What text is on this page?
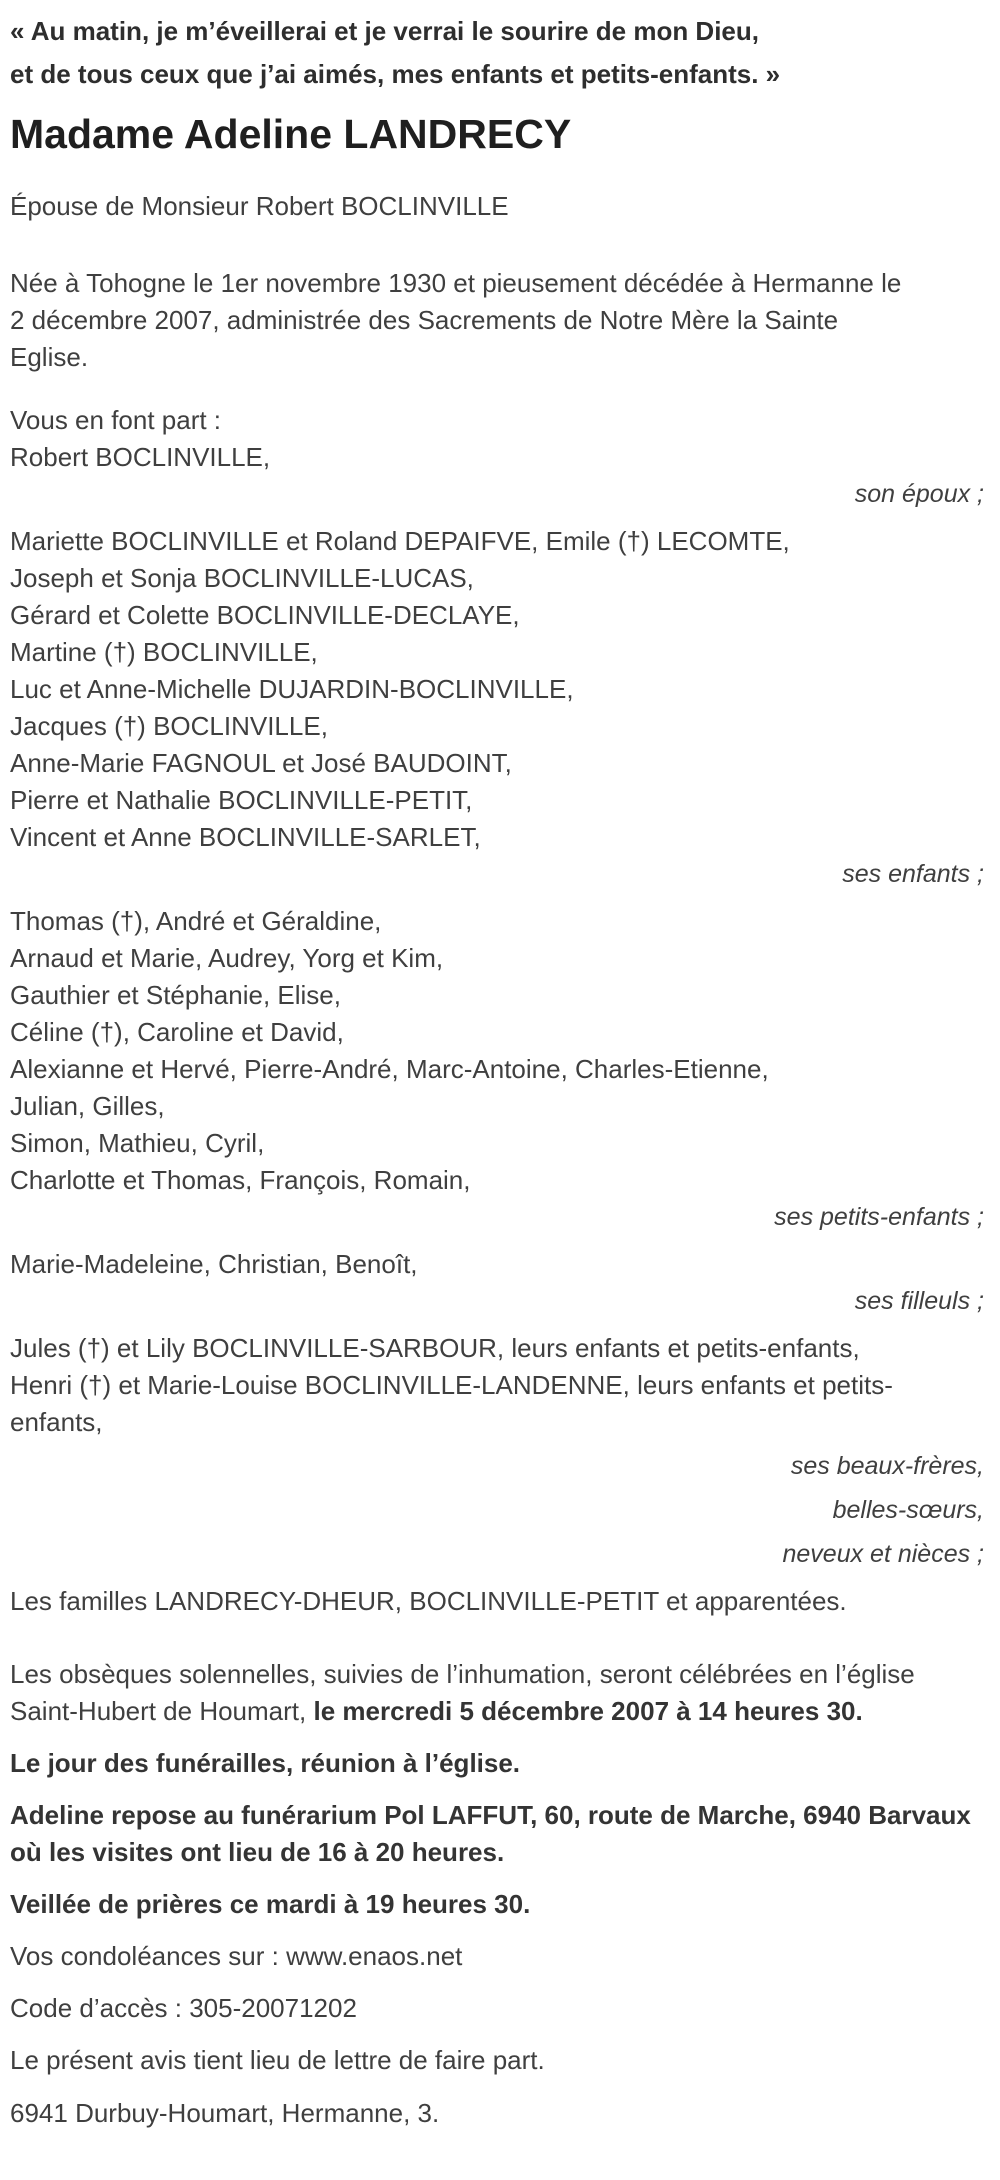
« Au matin, je m’éveillerai et je verrai le sourire de mon Dieu,
et de tous ceux que j’ai aimés, mes enfants et petits-enfants. »

Madame Adeline LANDRECY

Épouse de Monsieur Robert BOCLINVILLE

Née à Tohogne le 1er novembre 1930 et pieusement décédée à Hermanne le 2 décembre 2007, administrée des Sacrements de Notre Mère la Sainte Eglise.

Vous en font part :

Robert BOCLINVILLE,

son époux ;

Mariette BOCLINVILLE et Roland DEPAIFVE, Emile (†) LECOMTE,

Joseph et Sonja BOCLINVILLE-LUCAS,

Gérard et Colette BOCLINVILLE-DECLAYE,

Martine (†) BOCLINVILLE,

Luc et Anne-Michelle DUJARDIN-BOCLINVILLE,

Jacques (†) BOCLINVILLE,

Anne-Marie FAGNOUL et José BAUDOINT,

Pierre et Nathalie BOCLINVILLE-PETIT,

Vincent et Anne BOCLINVILLE-SARLET,

ses enfants ;

Thomas (†), André et Géraldine,

Arnaud et Marie, Audrey, Yorg et Kim,

Gauthier et Stéphanie, Elise,

Céline (†), Caroline et David,

Alexianne et Hervé, Pierre-André, Marc-Antoine, Charles-Etienne,

Julian, Gilles,

Simon, Mathieu, Cyril,

Charlotte et Thomas, François, Romain,

ses petits-enfants ;

Marie-Madeleine, Christian, Benoît,

ses filleuls ;

Jules (†) et Lily BOCLINVILLE-SARBOUR, leurs enfants et petits-enfants,

Henri (†) et Marie-Louise BOCLINVILLE-LANDENNE, leurs enfants et petits-enfants,

ses beaux-frères,

belles-sœurs,

neveux et nièces ;

Les familles LANDRECY-DHEUR, BOCLINVILLE-PETIT et apparentées.

Les obsèques solennelles, suivies de l’inhumation, seront célébrées en l’église Saint-Hubert de Houmart, le mercredi 5 décembre 2007 à 14 heures 30.

Le jour des funérailles, réunion à l’église.

Adeline repose au funérarium Pol LAFFUT, 60, route de Marche, 6940 Barvaux où les visites ont lieu de 16 à 20 heures.

Veillée de prières ce mardi à 19 heures 30.

Vos condoléances sur : www.enaos.net

Code d’accès : 305-20071202

Le présent avis tient lieu de lettre de faire part.

6941 Durbuy-Houmart, Hermanne, 3.
